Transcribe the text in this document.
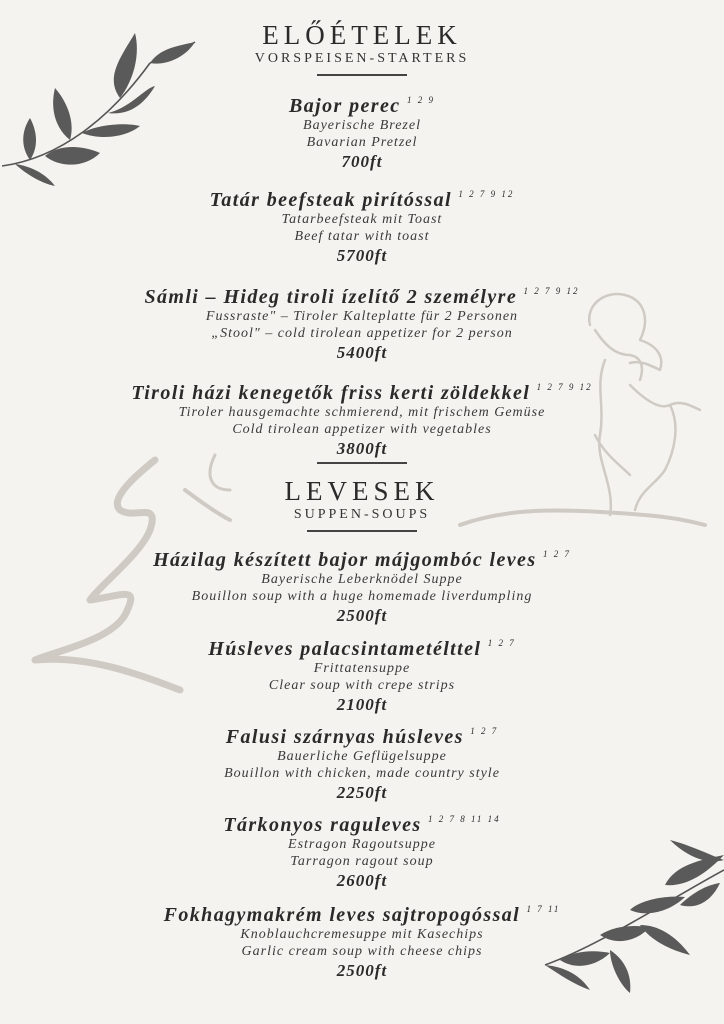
ELŐÉTELEK
VORSPEISEN-STARTERS
Bajor perec $^{1 2 9}$
Bayerische Brezel
Bavarian Pretzel
700ft
Tatár beefsteak pirítóssal $^{1 2 7 9 12}$
Tatarbeefsteak mit Toast
Beef tatar with toast
5700ft
Sámli – Hideg tiroli ízelítő 2 személyre $^{1 2 7 9 12}$
Fussraste" – Tiroler Kalteplatte für 2 Personen
„Stool" – cold tirolean appetizer for 2 person
5400ft
Tiroli házi kenegetők friss kerti zöldekkel $^{1 2 7 9 12}$
Tiroler hausgemachte schmierend, mit frischem Gemüse
Cold tirolean appetizer with vegetables
3800ft
LEVESEK
SUPPEN-SOUPS
Házilag készített bajor májgombóc leves $^{1 2 7}$
Bayerische Leberknödel Suppe
Bouillon soup with a huge homemade liverdumpling
2500ft
Húsleves palacsintametélttel $^{1 2 7}$
Frittatensuppe
Clear soup with crepe strips
2100ft
Falusi szárnyas húsleves $^{1 2 7}$
Bauerliche Geflügelsuppe
Bouillon with chicken, made country style
2250ft
Tárkonyos raguleves $^{1 2 7 8 11 14}$
Estragon Ragoutsuppe
Tarragon ragout soup
2600ft
Fokhagymakrém leves sajtropogóssal $^{1 7 11}$
Knoblauchcremesuppe mit Kasechips
Garlic cream soup with cheese chips
2500ft
